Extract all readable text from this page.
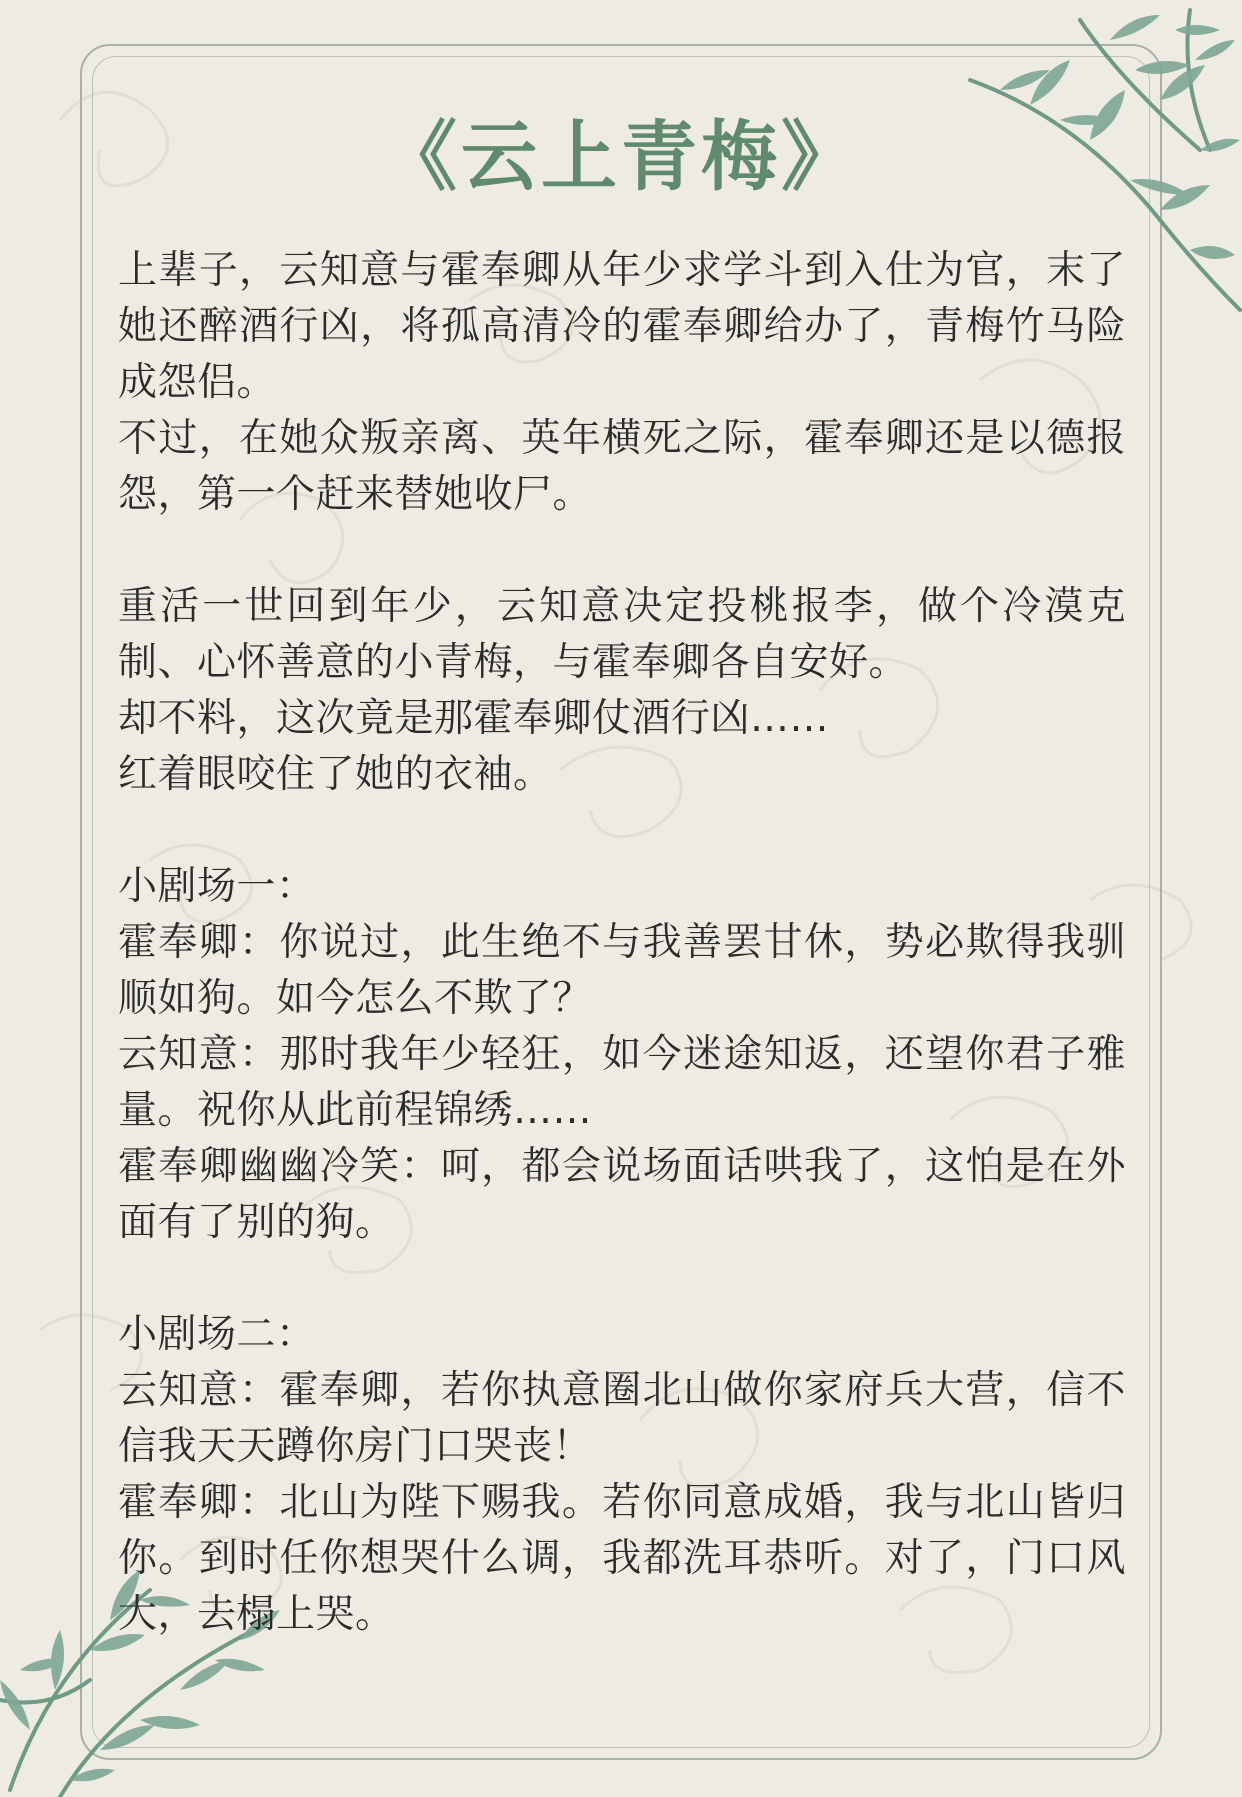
《云上青梅》

上辈子，云知意与霍奉卿从年少求学斗到入仕为官，末了她还醉酒行凶，将孤高清冷的霍奉卿给办了，青梅竹马险成怨侣。

不过，在她众叛亲离、英年横死之际，霍奉卿还是以德报怨，第一个赶来替她收尸。

重活一世回到年少，云知意决定投桃报李，做个冷漠克制、心怀善意的小青梅，与霍奉卿各自安好。

却不料，这次竟是那霍奉卿仗酒行凶……

红着眼咬住了她的衣袖。

小剧场一：

霍奉卿：你说过，此生绝不与我善罢甘休，势必欺得我驯顺如狗。如今怎么不欺了？

云知意：那时我年少轻狂，如今迷途知返，还望你君子雅量。祝你从此前程锦绣……

霍奉卿幽幽冷笑：呵，都会说场面话哄我了，这怕是在外面有了别的狗。

小剧场二：

云知意：霍奉卿，若你执意圈北山做你家府兵大营，信不信我天天蹲你房门口哭丧！

霍奉卿：北山为陛下赐我。若你同意成婚，我与北山皆归你。到时任你想哭什么调，我都洗耳恭听。对了，门口风大，去榻上哭。
